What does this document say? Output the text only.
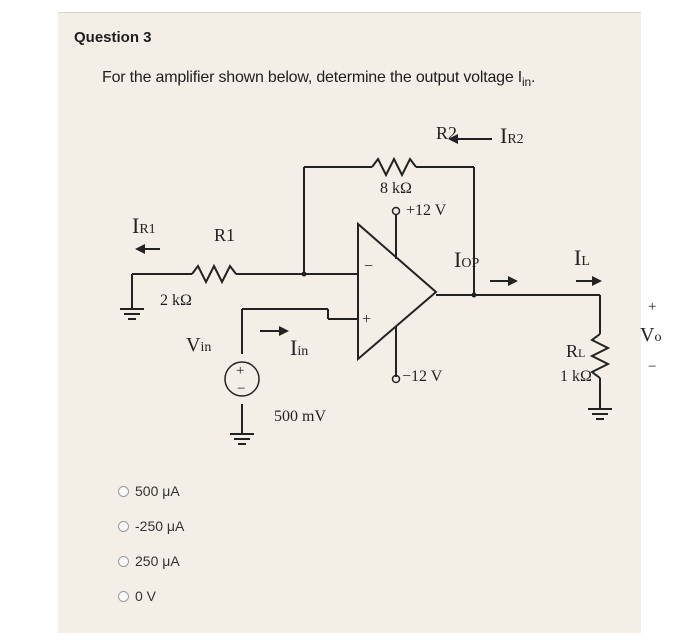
Question 3
For the amplifier shown below, determine the output voltage $I_{in}$.
R2
8 kΩ
IR2
IR1	R1
2 kΩ
Vin	Iin
+
−
500 mV
−
+
+12 V
−12 V
IOP	IL
+
Vo
−
RL
1 kΩ
500 μA
-250 μA
250 μA
0 V
